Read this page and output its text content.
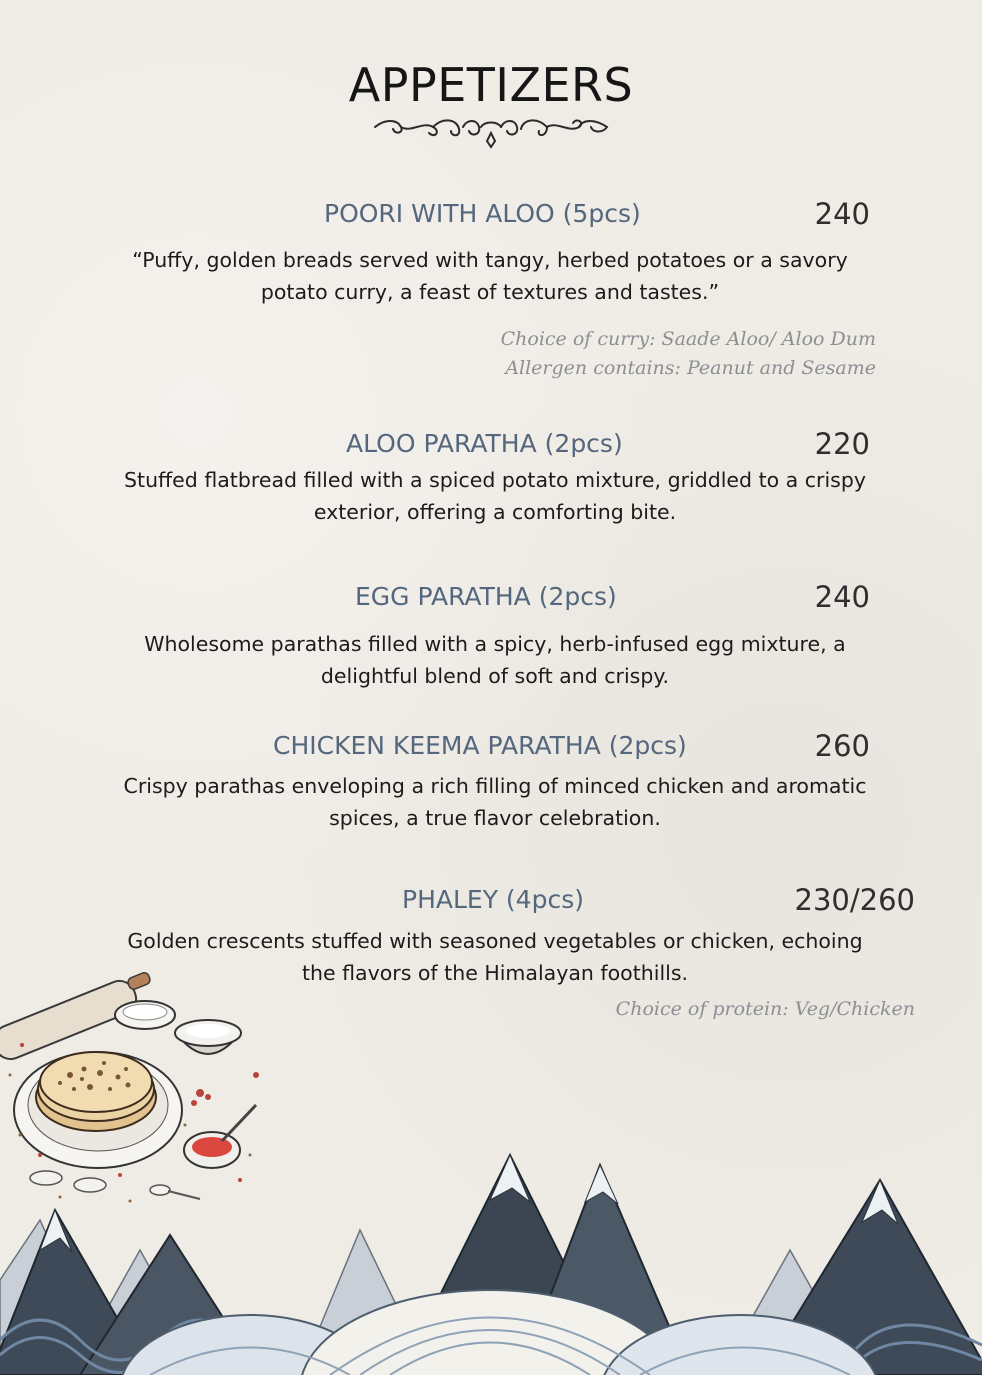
APPETIZERS
POORI WITH ALOO (5pcs)	240
“Puffy, golden breads served with tangy, herbed potatoes or a savory
potato curry, a feast of textures and tastes.”
Choice of curry: Saade Aloo/ Aloo Dum
Allergen contains: Peanut and Sesame
ALOO PARATHA (2pcs)	220
Stuffed flatbread filled with a spiced potato mixture, griddled to a crispy
exterior, offering a comforting bite.
EGG PARATHA (2pcs)	240
Wholesome parathas filled with a spicy, herb-infused egg mixture, a
delightful blend of soft and crispy.
CHICKEN KEEMA PARATHA (2pcs)	260
Crispy parathas enveloping a rich filling of minced chicken and aromatic
spices, a true flavor celebration.
PHALEY (4pcs)	230/260
Golden crescents stuffed with seasoned vegetables or chicken, echoing
the flavors of the Himalayan foothills.
Choice of protein: Veg/Chicken
